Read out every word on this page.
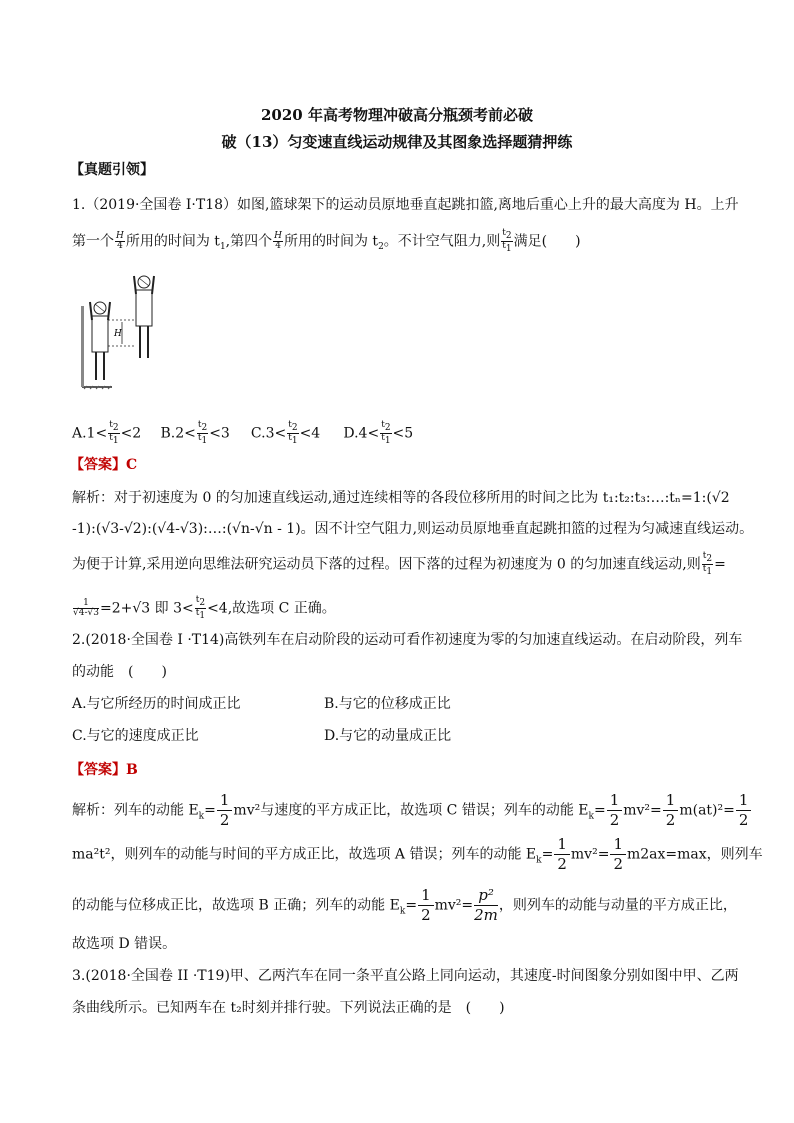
2020 年高考物理冲破高分瓶颈考前必破
破（13）匀变速直线运动规律及其图象选择题猜押练
【真题引领】
1.（2019·全国卷 I·T18）如图,篮球架下的运动员原地垂直起跳扣篮,离地后重心上升的最大高度为 H。上升
第一个 $\frac{H}{4}$ 所用的时间为 $t_1$,第四个 $\frac{H}{4}$ 所用的时间为 $t_2$。不计空气阻力,则 $\frac{t_2}{t_1}$ 满足(　　)
H
$A.1< \frac{t_2}{t_1} <2$ $B.2< \frac{t_2}{t_1} <3$ $C.3< \frac{t_2}{t_1} <4$ $D.4< \frac{t_2}{t_1} <5$
【答案】C
解析：对于初速度为 0 的匀加速直线运动,通过连续相等的各段位移所用的时间之比为 t₁:t₂:t₃:…:tₙ=1:(√2
-1):(√3-√2):(√4-√3):…:(√n-√n - 1)。因不计空气阻力,则运动员原地垂直起跳扣篮的过程为匀减速直线运动。
为便于计算,采用逆向思维法研究运动员下落的过程。因下落的过程为初速度为 0 的匀加速直线运动,则 $\frac{t_2}{t_1}$ =
$\frac{1}{√4-√3} =2+√3$ 即 $3< \frac{t_2}{t_1} <4$,故选项 C 正确。
2.(2018·全国卷 I ·T14)高铁列车在启动阶段的运动可看作初速度为零的匀加速直线运动。在启动阶段，列车
的动能　(　　)
A.与它所经历的时间成正比	B.与它的位移成正比
C.与它的速度成正比	D.与它的动量成正比
【答案】B
解析：列车的动能 $E_k= \frac{1}{2} mv^2$与速度的平方成正比，故选项 C 错误；列车的动能 $E_k= \frac{1}{2} mv^2= \frac{1}{2} m(at)^2= \frac{1}{2}$
ma²t²，则列车的动能与时间的平方成正比，故选项 A 错误；列车的动能 $E_k= \frac{1}{2} mv^2= \frac{1}{2} m2ax=\max$，则列车
的动能与位移成正比，故选项 B 正确；列车的动能 $E_k= \frac{1}{2} mv^2= \frac{\text{p²}}{2m}$ ，则列车的动能与动量的平方成正比，
故选项 D 错误。
3.(2018·全国卷 II ·T19)甲、乙两汽车在同一条平直公路上同向运动，其速度-时间图象分别如图中甲、乙两
条曲线所示。已知两车在 t₂时刻并排行驶。下列说法正确的是　(　　)
